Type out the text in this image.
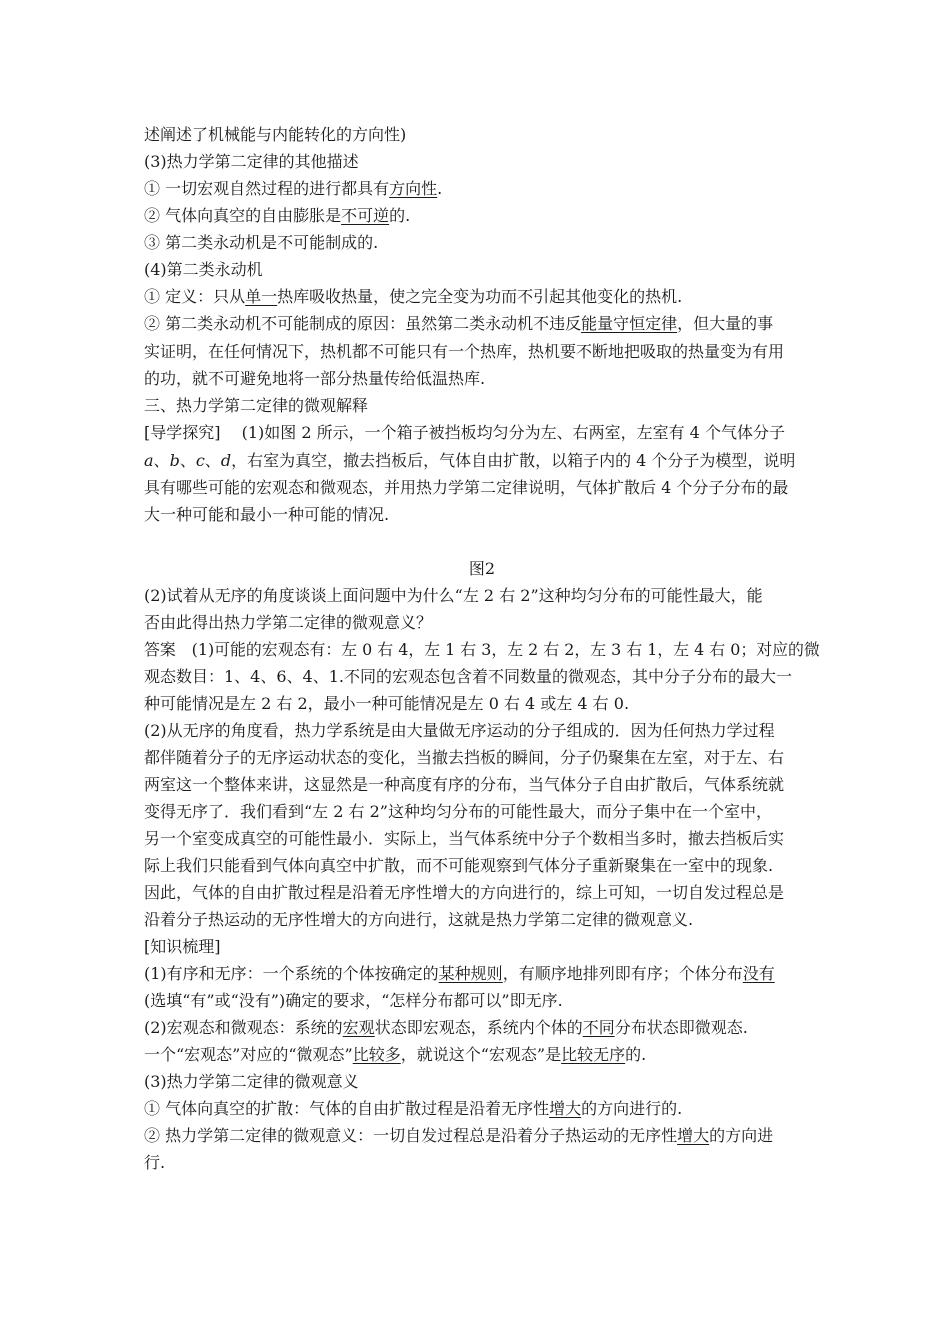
述阐述了机械能与内能转化的方向性)
(3)热力学第二定律的其他描述
① 一切宏观自然过程的进行都具有方向性.
② 气体向真空的自由膨胀是不可逆的.
③ 第二类永动机是不可能制成的.
(4)第二类永动机
① 定义：只从单一热库吸收热量，使之完全变为功而不引起其他变化的热机.
② 第二类永动机不可能制成的原因：虽然第二类永动机不违反能量守恒定律，但大量的事
实证明，在任何情况下，热机都不可能只有一个热库，热机要不断地把吸取的热量变为有用
的功，就不可避免地将一部分热量传给低温热库.
三、热力学第二定律的微观解释
[导学探究]　 (1)如图 2 所示，一个箱子被挡板均匀分为左、右两室，左室有 4 个气体分子
a、b、c、d，右室为真空，撤去挡板后，气体自由扩散，以箱子内的 4 个分子为模型，说明
具有哪些可能的宏观态和微观态，并用热力学第二定律说明，气体扩散后 4 个分子分布的最
大一种可能和最小一种可能的情况.
图2
(2)试着从无序的角度谈谈上面问题中为什么“左 2 右 2”这种均匀分布的可能性最大，能
否由此得出热力学第二定律的微观意义？
答案　(1)可能的宏观态有：左 0 右 4，左 1 右 3，左 2 右 2，左 3 右 1，左 4 右 0；对应的微
观态数目：1、4、6、4、1.不同的宏观态包含着不同数量的微观态，其中分子分布的最大一
种可能情况是左 2 右 2，最小一种可能情况是左 0 右 4 或左 4 右 0.
(2)从无序的角度看，热力学系统是由大量做无序运动的分子组成的．因为任何热力学过程
都伴随着分子的无序运动状态的变化，当撤去挡板的瞬间，分子仍聚集在左室，对于左、右
两室这一个整体来讲，这显然是一种高度有序的分布，当气体分子自由扩散后，气体系统就
变得无序了．我们看到“左 2 右 2”这种均匀分布的可能性最大，而分子集中在一个室中，
另一个室变成真空的可能性最小．实际上，当气体系统中分子个数相当多时，撤去挡板后实
际上我们只能看到气体向真空中扩散，而不可能观察到气体分子重新聚集在一室中的现象.
因此，气体的自由扩散过程是沿着无序性增大的方向进行的，综上可知，一切自发过程总是
沿着分子热运动的无序性增大的方向进行，这就是热力学第二定律的微观意义.
[知识梳理]
(1)有序和无序：一个系统的个体按确定的某种规则，有顺序地排列即有序；个体分布没有
(选填“有”或“没有”)确定的要求，“怎样分布都可以”即无序.
(2)宏观态和微观态：系统的宏观状态即宏观态，系统内个体的不同分布状态即微观态.
一个“宏观态”对应的“微观态”比较多，就说这个“宏观态”是比较无序的.
(3)热力学第二定律的微观意义
① 气体向真空的扩散：气体的自由扩散过程是沿着无序性增大的方向进行的.
② 热力学第二定律的微观意义：一切自发过程总是沿着分子热运动的无序性增大的方向进
行.
